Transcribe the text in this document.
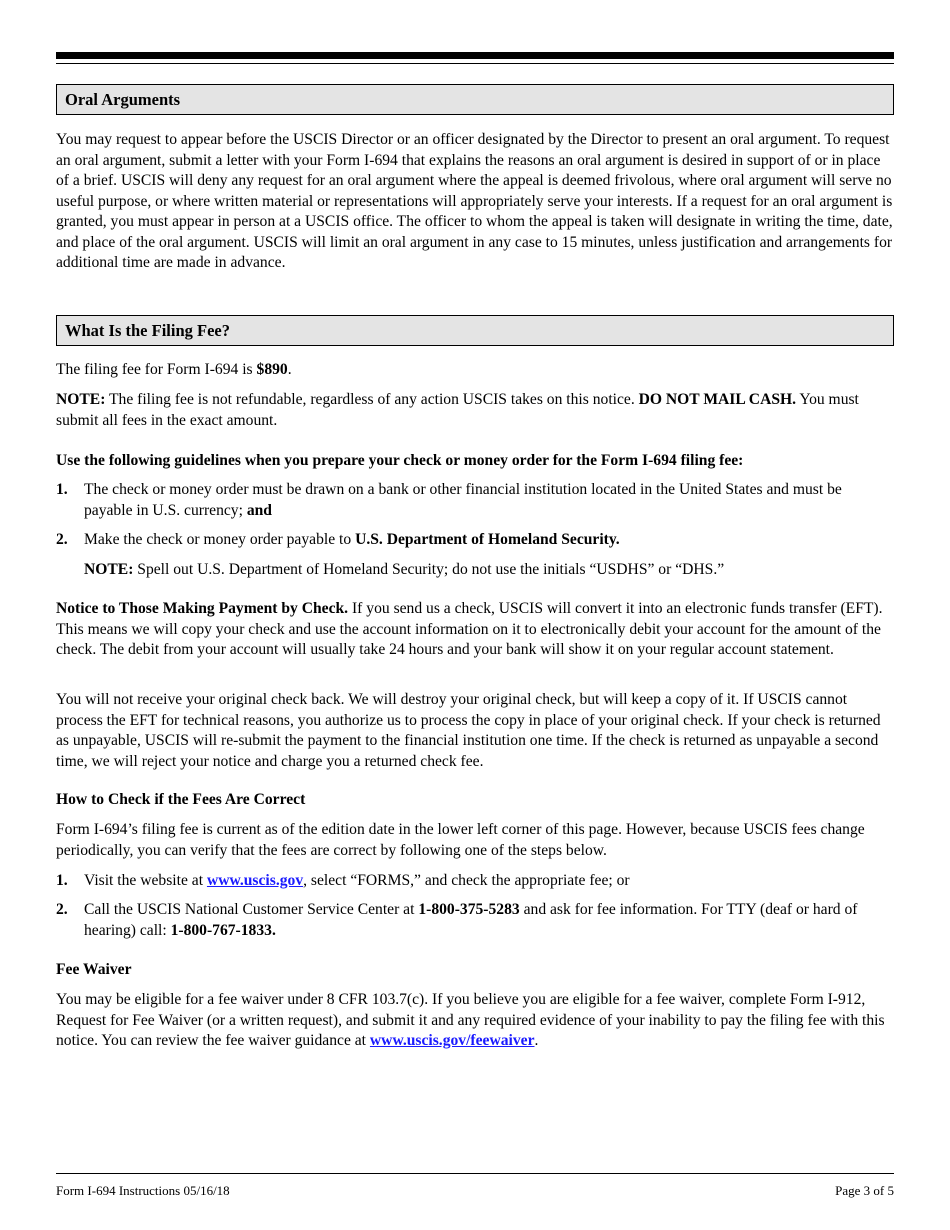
Oral Arguments

You may request to appear before the USCIS Director or an officer designated by the Director to present an oral argument. To request an oral argument, submit a letter with your Form I-694 that explains the reasons an oral argument is desired in support of or in place of a brief. USCIS will deny any request for an oral argument where the appeal is deemed frivolous, where oral argument will serve no useful purpose, or where written material or representations will appropriately serve your interests. If a request for an oral argument is granted, you must appear in person at a USCIS office. The officer to whom the appeal is taken will designate in writing the time, date, and place of the oral argument. USCIS will limit an oral argument in any case to 15 minutes, unless justification and arrangements for additional time are made in advance.

What Is the Filing Fee?

The filing fee for Form I-694 is $890.

NOTE: The filing fee is not refundable, regardless of any action USCIS takes on this notice. DO NOT MAIL CASH. You must submit all fees in the exact amount.

Use the following guidelines when you prepare your check or money order for the Form I-694 filing fee:

1. The check or money order must be drawn on a bank or other financial institution located in the United States and must be payable in U.S. currency; and
2. Make the check or money order payable to U.S. Department of Homeland Security.
NOTE: Spell out U.S. Department of Homeland Security; do not use the initials “USDHS” or “DHS.”

Notice to Those Making Payment by Check. If you send us a check, USCIS will convert it into an electronic funds transfer (EFT). This means we will copy your check and use the account information on it to electronically debit your account for the amount of the check. The debit from your account will usually take 24 hours and your bank will show it on your regular account statement.

You will not receive your original check back. We will destroy your original check, but will keep a copy of it. If USCIS cannot process the EFT for technical reasons, you authorize us to process the copy in place of your original check. If your check is returned as unpayable, USCIS will re-submit the payment to the financial institution one time. If the check is returned as unpayable a second time, we will reject your notice and charge you a returned check fee.

How to Check if the Fees Are Correct

Form I-694’s filing fee is current as of the edition date in the lower left corner of this page. However, because USCIS fees change periodically, you can verify that the fees are correct by following one of the steps below.

1. Visit the website at www.uscis.gov, select “FORMS,” and check the appropriate fee; or
2. Call the USCIS National Customer Service Center at 1-800-375-5283 and ask for fee information. For TTY (deaf or hard of hearing) call: 1-800-767-1833.

Fee Waiver

You may be eligible for a fee waiver under 8 CFR 103.7(c). If you believe you are eligible for a fee waiver, complete Form I-912, Request for Fee Waiver (or a written request), and submit it and any required evidence of your inability to pay the filing fee with this notice. You can review the fee waiver guidance at www.uscis.gov/feewaiver.

Form I-694 Instructions 05/16/18	Page 3 of 5
